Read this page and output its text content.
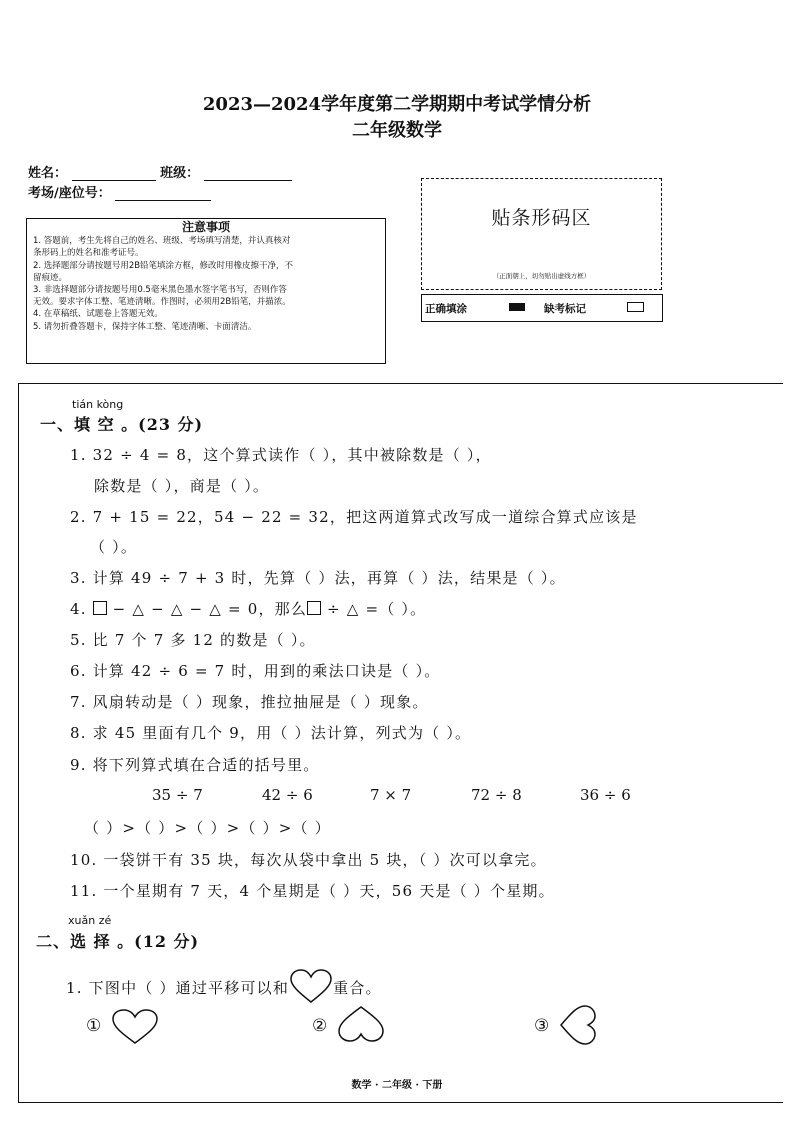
2023—2024学年度第二学期期中考试学情分析
二年级数学
姓名：	班级：
考场/座位号：
注意事项
1. 答题前，考生先将自己的姓名、班级、考场填写清楚，并认真核对
条形码上的姓名和准考证号。
2. 选择题部分请按题号用2B铅笔填涂方框，修改时用橡皮擦干净，不
留痕迹。
3. 非选择题部分请按题号用0.5毫米黑色墨水签字笔书写，否则作答
无效。要求字体工整、笔迹清晰。作图时，必须用2B铅笔，并描浓。
4. 在草稿纸、试题卷上答题无效。
5. 请勿折叠答题卡，保持字体工整、笔迹清晰、卡面清洁。
贴条形码区
（正面朝上，切勿贴出虚线方框）
正确填涂	缺考标记
tián kòng
一、填 空 。(23 分)
1. 32 ÷ 4 = 8，这个算式读作（ ），其中被除数是（ ），
除数是（ ），商是（ ）。
2. 7 + 15 = 22，54 − 22 = 32，把这两道算式改写成一道综合算式应该是
（ ）。
3. 计算 49 ÷ 7 + 3 时，先算（ ）法，再算（ ）法，结果是（ ）。
4.  − △ − △ − △ = 0，那么 ÷ △ =（ ）。
5. 比 7 个 7 多 12 的数是（ ）。
6. 计算 42 ÷ 6 = 7 时，用到的乘法口诀是（ ）。
7. 风扇转动是（ ）现象，推拉抽屉是（ ）现象。
8. 求 45 里面有几个 9，用（ ）法计算，列式为（ ）。
9. 将下列算式填在合适的括号里。
35 ÷ 7	42 ÷ 6	7 × 7	72 ÷ 8	36 ÷ 6
（ ）>（ ）>（ ）>（ ）>（ ）
10. 一袋饼干有 35 块，每次从袋中拿出 5 块，（ ）次可以拿完。
11. 一个星期有 7 天，4 个星期是（ ）天，56 天是（ ）个星期。
xuǎn zé
二、选 择 。(12 分)
1. 下图中（ ）通过平移可以和	重合。
①	②	③
数学 · 二年级 · 下册
